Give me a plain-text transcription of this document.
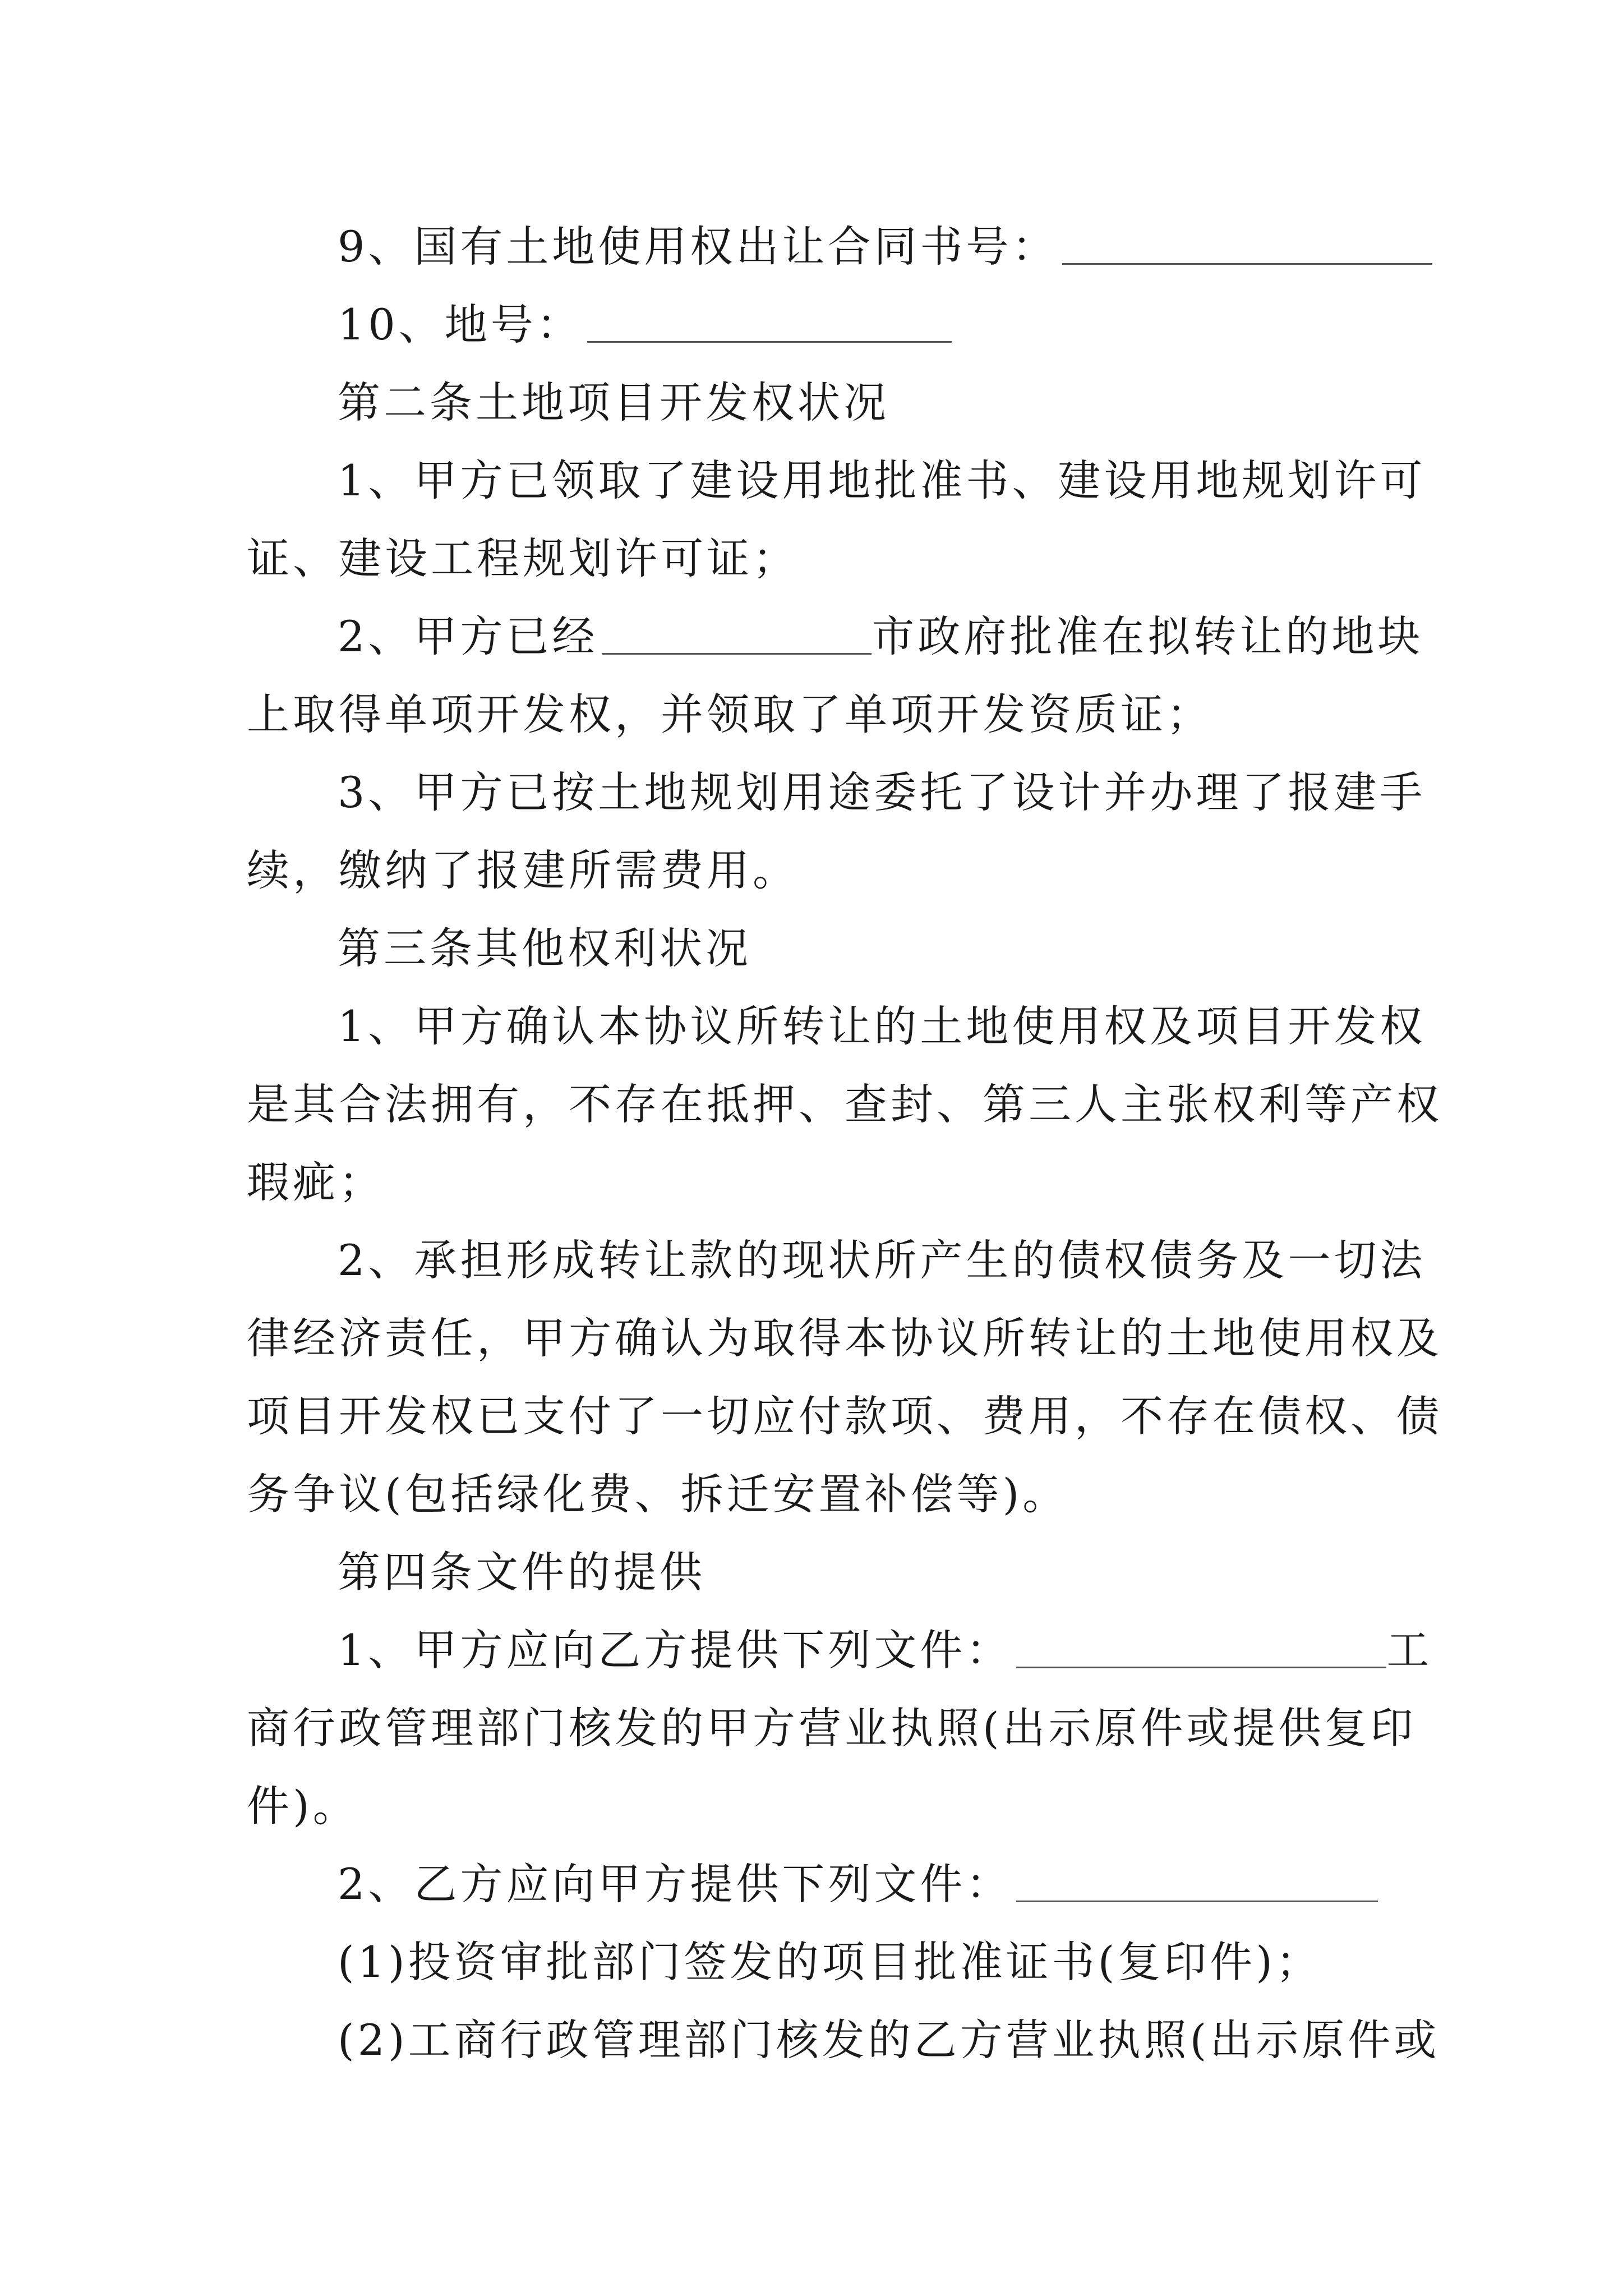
9、国有土地使用权出让合同书号：
10、地号：
第二条土地项目开发权状况
1、甲方已领取了建设用地批准书、建设用地规划许可
证、建设工程规划许可证；
2、甲方已经	市政府批准在拟转让的地块
上取得单项开发权，并领取了单项开发资质证；
3、甲方已按土地规划用途委托了设计并办理了报建手
续，缴纳了报建所需费用。
第三条其他权利状况
1、甲方确认本协议所转让的土地使用权及项目开发权
是其合法拥有，不存在抵押、查封、第三人主张权利等产权
瑕疵；
2、承担形成转让款的现状所产生的债权债务及一切法
律经济责任，甲方确认为取得本协议所转让的土地使用权及
项目开发权已支付了一切应付款项、费用，不存在债权、债
务争议(包括绿化费、拆迁安置补偿等)。
第四条文件的提供
1、甲方应向乙方提供下列文件：	工
商行政管理部门核发的甲方营业执照(出示原件或提供复印
件)。
2、乙方应向甲方提供下列文件：
(1)投资审批部门签发的项目批准证书(复印件)；
(2)工商行政管理部门核发的乙方营业执照(出示原件或
